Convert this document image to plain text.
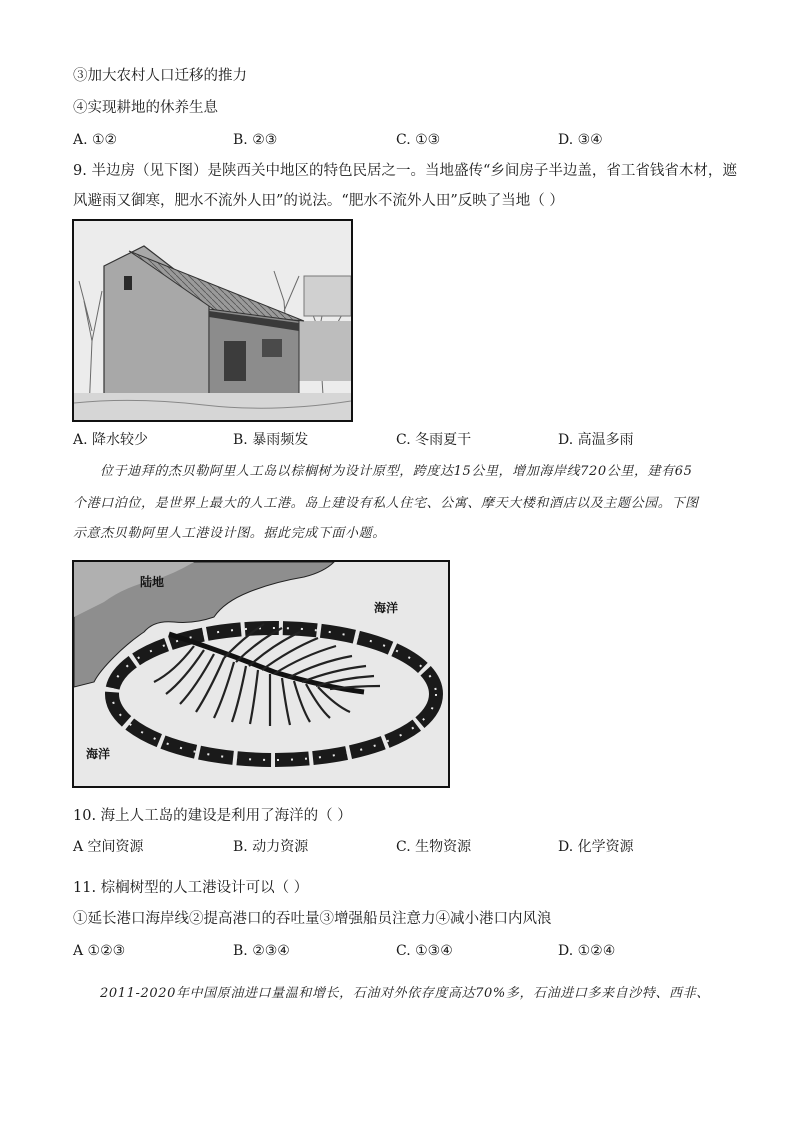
③加大农村人口迁移的推力
④实现耕地的休养生息
A. ①②	B. ②③	C. ①③	D. ③④
9. 半边房（见下图）是陕西关中地区的特色民居之一。当地盛传“乡间房子半边盖，省工省钱省木材，遮
风避雨又御寒，肥水不流外人田”的说法。“肥水不流外人田”反映了当地（ ）
A. 降水较少	B. 暴雨频发	C. 冬雨夏干	D. 高温多雨
位于迪拜的杰贝勒阿里人工岛以棕榈树为设计原型，跨度达15公里，增加海岸线720公里，建有65
个港口泊位，是世界上最大的人工港。岛上建设有私人住宅、公寓、摩天大楼和酒店以及主题公园。下图
示意杰贝勒阿里人工港设计图。据此完成下面小题。
陆地
海洋
海洋
10. 海上人工岛的建设是利用了海洋的（ ）
A 空间资源	B. 动力资源	C. 生物资源	D. 化学资源
11. 棕榈树型的人工港设计可以（ ）
①延长港口海岸线②提高港口的吞吐量③增强船员注意力④减小港口内风浪
A ①②③	B. ②③④	C. ①③④	D. ①②④
2011-2020年中国原油进口量温和增长，石油对外依存度高达70%多，石油进口多来自沙特、西非、
